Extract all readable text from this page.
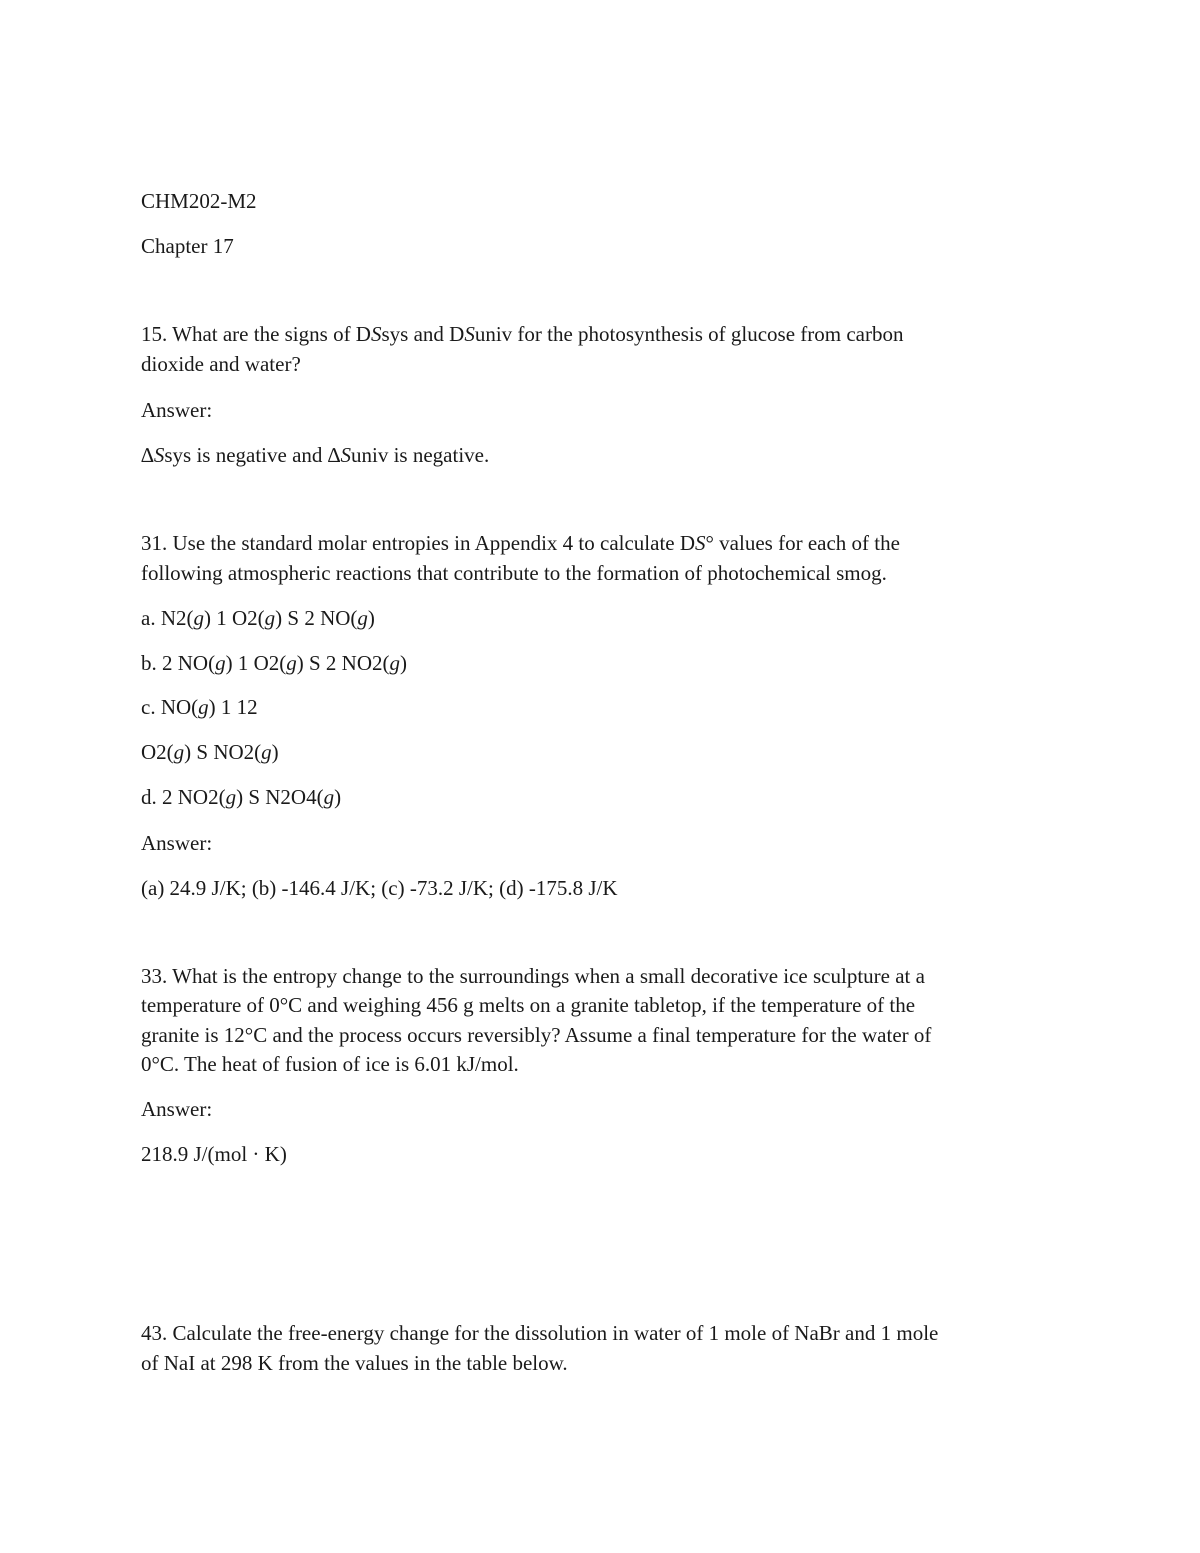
CHM202-M2
Chapter 17
15. What are the signs of DSsys and DSuniv for the photosynthesis of glucose from carbon
dioxide and water?
Answer:
∆Ssys is negative and ∆Suniv is negative.
31. Use the standard molar entropies in Appendix 4 to calculate DS° values for each of the
following atmospheric reactions that contribute to the formation of photochemical smog.
a. N2(g) 1 O2(g) S 2 NO(g)
b. 2 NO(g) 1 O2(g) S 2 NO2(g)
c. NO(g) 1 12
O2(g) S NO2(g)
d. 2 NO2(g) S N2O4(g)
Answer:
(a) 24.9 J/K; (b) -146.4 J/K; (c) -73.2 J/K; (d) -175.8 J/K
33. What is the entropy change to the surroundings when a small decorative ice sculpture at a
temperature of 0°C and weighing 456 g melts on a granite tabletop, if the temperature of the
granite is 12°C and the process occurs reversibly? Assume a final temperature for the water of
0°C. The heat of fusion of ice is 6.01 kJ/mol.
Answer:
218.9 J/(mol · K)
43. Calculate the free-energy change for the dissolution in water of 1 mole of NaBr and 1 mole
of NaI at 298 K from the values in the table below.
